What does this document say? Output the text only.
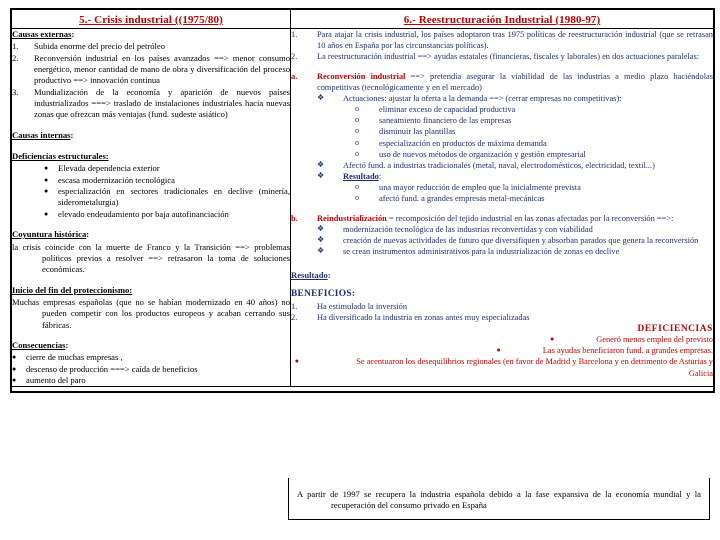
5.- Crisis industrial ((1975/80)	6.- Reestructuración Industrial (1980-97)

Causas externas:
1.	Subida enorme del precio del petróleo
2.	Reconversión industrial en los países avanzados ==> menor consumo energético, menor cantidad de mano de obra y diversificación del proceso productivo ==> innovación continua
3.	Mundialización de la economía y aparición de nuevos países industrializados ===> traslado de instalaciones industriales hacia nuevas zonas que ofrezcan más ventajas (fund. sudeste asiático)
Causas internas:
Deficiencias estructurales:
●	Elevada dependencia exterior
●	escasa modernización tecnológica
●	especialización en sectores tradicionales en declive (minería, siderometalurgia)
●	elevado endeudamiento por baja autofinanciación
Coyuntura histórica:
la crisis coincide con la muerte de Franco y la Transición ==> problemas políticos previos a resolver ==> retrasaron la toma de soluciones económicas.
Inicio del fin del proteccionismo:
Muchas empresas españolas (que no se habían modernizado en 40 años) no pueden competir con los productos europeos y acaban cerrando sus fábricas.
Consecuencias:
●	cierre de muchas empresas ,
●	descenso de producción ===> caída de beneficios
●	aumento del paro

1.	Para atajar la crisis industrial, los países adoptaron tras 1975 políticas de reestructuración industrial (que se retrasan 10 años en España por las circunstancias políticas).
2.	La reestructuración industrial ==> ayudas estatales (financieras, fiscales y laborales) en dos actuaciones paralelas:
a.	Reconversión industrial ==> pretendía asegurar la viabilidad de las industrias a medio plazo haciéndolas competitivas (tecnológicamente y en el mercado)
❖	Actuaciones: ajustar la oferta a la demanda ==> (cerrar empresas no competitivas):
o	eliminar exceso de capacidad productiva
o	saneamiento financiero de las empresas
o	disminuir las plantillas
o	especialización en productos de máxima demanda
o	uso de nuevos métodos de organización y gestión empresarial
❖	Afectó fund. a industrias tradicionales (metal, naval, electrodomésticos, electricidad, textil...)
❖	Resultado:
o	una mayor reducción de empleo que la inicialmente prevista
o	afectó fund. a grandes empresas metal-mecánicas
b.	Reindustrialización = recomposición del tejido industrial en las zonas afectadas por la reconversión ==>:
❖	modernización tecnológica de las industrias reconvertidas y con viabilidad
❖	creación de nuevas actividades de futuro que diversifiquen y absorban parados que genera la reconversión
❖	se crean instrumentos administrativos para la industrialización de zonas en declive
Resultado:
BENEFICIOS:
1.	Ha estimulado la inversión
2.	Ha diversificado la industria en zonas antes muy especializadas
DEFICIENCIAS
●	Generó menos empleo del previsto
●	Las ayudas beneficiaron fund. a grandes empresas.
●	Se acentuaron los desequilibrios regionales (en favor de Madrid y Barcelona y en detrimento de Asturias y Galicia

A partir de 1997 se recupera la industria española debido a la fase expansiva de la economía mundial y la recuperación del consumo privado en España
